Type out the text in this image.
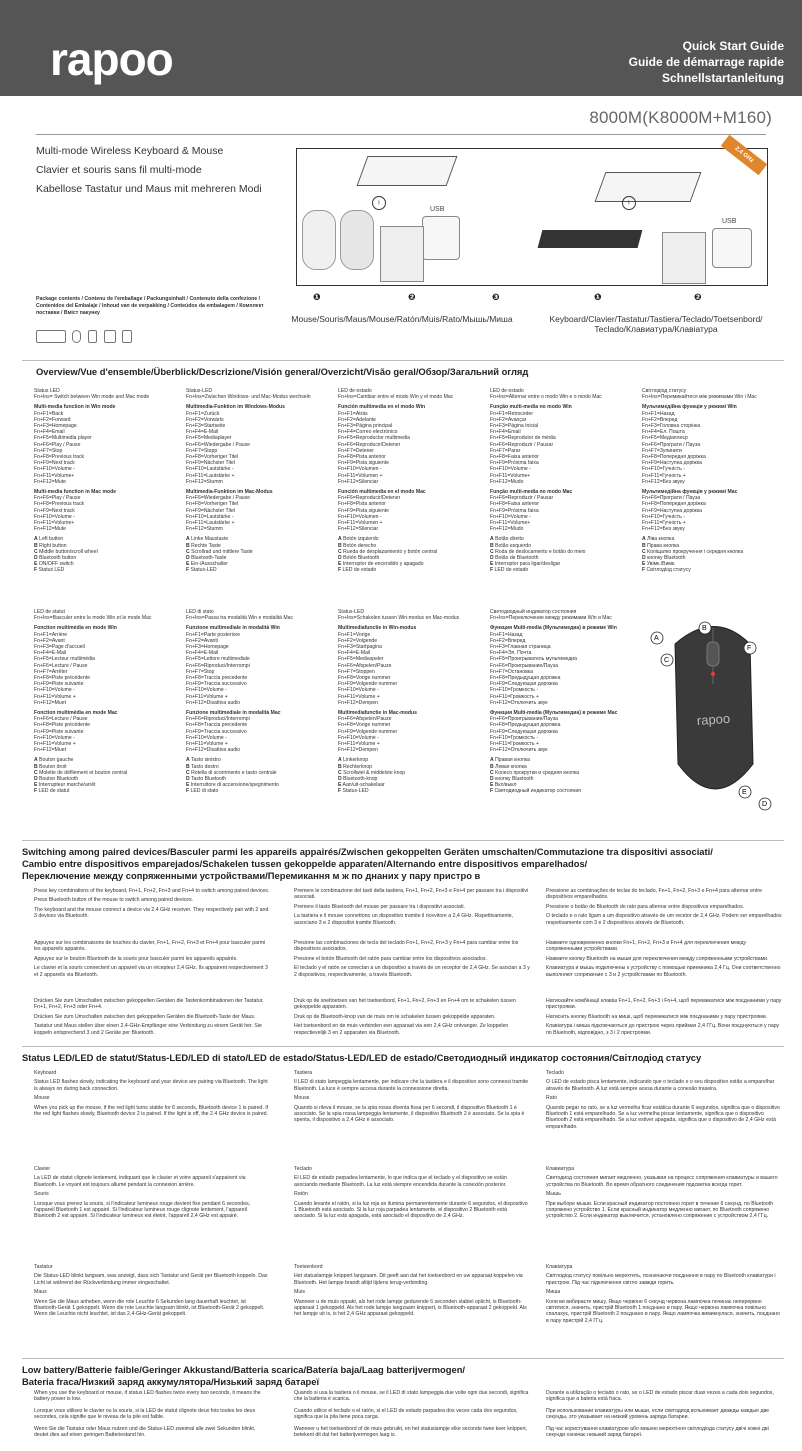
rapoo	Quick Start Guide
Guide de démarrage rapide
Schnellstartanleitung
8000M(K8000M+M160)
Multi-mode Wireless Keyboard & Mouse
Clavier et souris sans fil multi-mode
Kabellose Tastatur und Maus mit mehreren Modi
ᛒ
USB
ᛒ
USB
2.4 GHz
❶	❷	❸	❶	❷
Mouse/Souris/Maus/Mouse/Ratón/Muis/Rato/Мышь/Миша	Keyboard/Clavier/Tastatur/Tastiera/Teclado/Toetsenbord/
Teclado/Клавиатура/Клавіатура
Package contents / Contenu de l'emballage / Packungsinhalt / Contenuto della confezione / Contenidos del Embalaje / Inhoud van de verpakking / Conteúdos da embalagem / Комплект поставки / Вміст пакунку
Overview/Vue d'ensemble/Überblick/Descrizione/Visión general/Overzicht/Visão geral/Обзор/Загальний огляд
Status LED
Fn+Ins= Switch between Win mode and Mac mode
Multi-media function in Win mode
Fn+F1=Back
Fn+F2=Forward
Fn+F3=Homepage
Fn+F4=Email
Fn+F5=Multimedia player
Fn+F6=Play / Pause
Fn+F7=Stop
Fn+F8=Previous track
Fn+F9=Next track
Fn+F10=Volume -
Fn+F11=Volume+
Fn+F12=Mute
Multi-media function in Mac mode
Fn+F6=Play / Pause
Fn+F8=Previous track
Fn+F9=Next track
Fn+F10=Volume -
Fn+F11=Volume+
Fn+F12=Mute
A Left button
B Right button
C Middle button/scroll wheel
D Bluetooth button
E ON/OFF switch
F Status LED
Status-LED
Fn+Ins=Zwischen Windows- und Mac-Modus wechseln
Multimedia-Funktion im Windows-Modus
Fn+F1=Zurück
Fn+F2=Vorwärts
Fn+F3=Startseite
Fn+F4=E-Mail
Fn+F5=Mediaplayer
Fn+F6=Wiedergabe / Pause
Fn+F7=Stopp
Fn+F8=Vorheriger Titel
Fn+F9=Nächster Titel
Fn+F10=Lautstärke -
Fn+F11=Lautstärke +
Fn+F12=Stumm
Multimedia-Funktion im Mac-Modus
Fn+F6=Wiedergabe / Pause
Fn+F8=Vorheriger Titel
Fn+F9=Nächster Titel
Fn+F10=Lautstärke -
Fn+F11=Lautstärke +
Fn+F12=Stumm
A Linke Maustaste
B Rechte Taste
C Scrollrad und mittlere Taste
D Bluetooth-Taste
E Ein-/Ausschalter
F Status-LED
LED de estado
Fn+Ins=Cambiar entre el modo Win y el modo Mac
Función multimedia en el modo Win
Fn+F1=Atrás
Fn+F2=Adelante
Fn+F3=Página principal
Fn+F4=Correo electrónico
Fn+F5=Reproductor multimedia
Fn+F6=Reproducir/Detener
Fn+F7=Detener
Fn+F8=Pista anterior
Fn+F9=Pista siguiente
Fn+F10=Volumen -
Fn+F11=Volumen +
Fn+F12=Silenciar
Función multimedia en el modo Mac
Fn+F6=Reproducir/Detener
Fn+F8=Pista anterior
Fn+F9=Pista siguiente
Fn+F10=Volumen -
Fn+F11=Volumen +
Fn+F12=Silenciar
A Botón izquierdo
B Botón derecho
C Rueda de desplazamiento y botón central
D Botón Bluetooth
E Interruptor de encendido y apagado
F LED de estado
LED de estado
Fn+Ins=Alternar entre o modo Win e o modo Mac
Função multi-media no modo Win
Fn+F1=Retroceder
Fn+F2=Avançar
Fn+F3=Página Inicial
Fn+F4=Email
Fn+F5=Reprodutor de média
Fn+F6=Reproduzir / Pausar
Fn+F7=Parar
Fn+F8=Faixa anterior
Fn+F9=Próxima faixa
Fn+F10=Volume -
Fn+F11=Volume+
Fn+F12=Mudo
Função multi-media no modo Mac
Fn+F6=Reproduzir / Pausar
Fn+F8=Faixa anterior
Fn+F9=Próxima faixa
Fn+F10=Volume -
Fn+F11=Volume+
Fn+F12=Mudo
A Botão direito
B Botão esquerdo
C Roda de deslocamento e botão do meio
D Botão de Bluetooth
E Interruptor para ligar/desligar
F LED de estado
Світлодіод статусу
Fn+Ins=Перемикайтеся між режимами Win і Mac
Мультимедійна функція у режимі Win
Fn+F1=Назад
Fn+F2=Вперед
Fn+F3=Головна сторінка
Fn+F4=Ел. Пошта
Fn+F5=Медіаплеєр
Fn+F6=Програти / Пауза
Fn+F7=Зупинити
Fn+F8=Попередня доріжка
Fn+F9=Наступна доріжка
Fn+F10=Гучність -
Fn+F11=Гучність +
Fn+F12=Без звуку
Мультимедійна функція у режимі Mac
Fn+F6=Програти / Пауза
Fn+F8=Попередня доріжка
Fn+F9=Наступна доріжка
Fn+F10=Гучність -
Fn+F11=Гучність +
Fn+F12=Без звуку
A Ліва кнопка
B Права кнопка
C Коліщатко прокручення і середня кнопка
D кнопку Bluetooth
E Увімк./Вимк.
F Світлодіод статусу
LED de statut
Fn+Ins=Basculer entre le mode Win et le mode Mac
Fonction multimédia en mode Win
Fn+F1=Arrière
Fn+F2=Avant
Fn+F3=Page d'accueil
Fn+F4=E-Mail
Fn+F5=Lecteur multimédia
Fn+F6=Lecture / Pause
Fn+F7=Arrêter
Fn+F8=Piste précédente
Fn+F9=Piste suivante
Fn+F10=Volume -
Fn+F11=Volume +
Fn+F12=Muet
Fonction multimédia en mode Mac
Fn+F6=Lecture / Pause
Fn+F8=Piste précédente
Fn+F9=Piste suivante
Fn+F10=Volume -
Fn+F11=Volume +
Fn+F12=Muet
A Bouton gauche
B Bouton droit
C Molette de défilement et bouton central
D Bouton Bluetooth
E Interrupteur marche/arrêt
F LED de statut
LED di stato
Fn+Ins=Passa tra modalità Win e modalità Mac
Funzione multimediale in modalità Win
Fn+F1=Parte posteriore
Fn+F2=Avanti
Fn+F3=Homepage
Fn+F4=E-Mail
Fn+F5=Lettore multimediale
Fn+F6=Riproduci/Interrompi
Fn+F7=Stop
Fn+F8=Traccia precedente
Fn+F9=Traccia successivo
Fn+F10=Volume -
Fn+F11=Volume +
Fn+F12=Disattiva audio
Funzione multimediale in modalità Mac
Fn+F6=Riproduci/Interrompi
Fn+F8=Traccia precedente
Fn+F9=Traccia successivo
Fn+F10=Volume -
Fn+F11=Volume +
Fn+F12=Disattiva audio
A Tasto sinistro
B Tasto destro
C Rotella di scorrimento e tasto centrale
D Tasto Bluetooth
E Interruttore di accensione/spegnimento
F LED di stato
Status-LED
Fn+Ins=Schakelen tussen Win-modus en Mac-modus
Multimediafunctie in Win-modus
Fn+F1=Vorige
Fn+F2=Volgende
Fn+F3=Startpagina
Fn+F4=E-Mail
Fn+F5=Mediaspeler
Fn+F6=Afspelen/Pauze
Fn+F7=Stoppen
Fn+F8=Vorige nummer
Fn+F9=Volgende nummer
Fn+F10=Volume -
Fn+F11=Volume +
Fn+F12=Dempen
Multimediafunctie in Mac-modus
Fn+F6=Afspelen/Pauze
Fn+F8=Vorige nummer
Fn+F9=Volgende nummer
Fn+F10=Volume -
Fn+F11=Volume +
Fn+F12=Dempen
A Linkerknop
B Rechterknop
C Scrollwiel & middelste knop
D Bluetooth-knop
E Aan/uit-schakelaar
F Status-LED
Светодиодный индикатор состояния
Fn+Ins=Переключение между режимами Win и Mac
Функция Multi-media (Мультимедиа) в режиме Win
Fn+F1=Назад
Fn+F2=Вперед
Fn+F3=Главная страница
Fn+F4=Эл. Почта
Fn+F5=Проигрыватель мультимедиа
Fn+F6=Проигрывание/Пауза
Fn+F7=Остановка
Fn+F8=Предыдущая дорожка
Fn+F9=Следующая дорожка
Fn+F10=Громкость -
Fn+F11=Громкость +
Fn+F12=Отключить звук
Функция Multi-media (Мультимедиа) в режиме Mac
Fn+F6=Проигрывание/Пауза
Fn+F8=Предыдущая дорожка
Fn+F9=Следующая дорожка
Fn+F10=Громкость -
Fn+F11=Громкость +
Fn+F12=Отключить звук
A Правая кнопка
B Левая кнопка
C Колесо прокрутки и средняя кнопка
D кнопку Bluetooth
E Вкл/выкл
F Светодиодный индикатор состояния
A
B
C
F
E
D
rapoo
Switching among paired devices/Basculer parmi les appareils appairés/Zwischen gekoppelten Geräten umschalten/Commutazione tra dispositivi associati/
Cambio entre dispositivos emparejados/Schakelen tussen gekoppelde apparaten/Alternando entre dispositivos emparelhados/
Переключение между сопряженными устройствами/Перемикання м ж по днаних у пару пристро в

Press key combinations of the keyboard, Fn+1, Fn+2, Fn+3 and Fn+4 to switch among paired devices.

Press Bluetooth button of the mouse to switch among paired devices.

The keyboard and the mouse connect a device via 2.4 GHz receiver. They respectively pair with 2 and 3 devices via Bluetooth.

Appuyez sur les combinaisons de touches du clavier, Fn+1, Fn+2, Fn+3 et Fn+4 pour basculer parmi les appareils appairés.

Appuyez sur le bouton Bluetooth de la souris pour basculer parmi les appareils appairés.

Le clavier et la souris connectent un appareil via un récepteur 2,4 GHz. Ils appairent respectivement 3 et 2 appareils via Bluetooth.

Drücken Sie zum Umschalten zwischen gekoppelten Geräten die Tastenkombinationen der Tastatur, Fn+1, Fn+2, Fn+3 oder Fn+4.

Drücken Sie zum Umschalten zwischen den gekoppelten Geräten die Bluetooth-Taste der Maus.

Tastatur und Maus stellen über einen 2,4-GHz-Empfänger eine Verbindung zu einem Gerät her. Sie koppeln entsprechend 3 und 2 Geräte per Bluetooth.

Premere le combinazione del tasti della tastiera, Fn+1, Fn+2, Fn+3 e Fn+4 per passare tra i dispositivi associati.

Premere il tasto Bluetooth del mouse per passare tra i dispositivi associati.

La tastiera e il mouse connettono un dispositivo tramite il ricevitore a 2,4 GHz. Rispettivamente, associano 3 e 2 dispositivi tramite Bluetooth.

Presione las combinaciones de tecla del teclado Fn+1, Fn+2, Fn+3 y Fn+4 para cambiar entre los dispositivos asociados.

Presione el botón Bluetooth del ratón para cambiar entre los dispositivos asociados.

El teclado y el ratón se conectan a un dispositivo a través de un receptor de 2,4 GHz. Se asocian a 3 y 2 dispositivos, respectivamente, a través Bluetooth.

Druk op de sneltoetsen van het toetsenbord, Fn+1, Fn+2, Fn+3 en Fn+4 om te schakelen tussen gekoppelde apparaten.

Druk op de Bluetooth-knop van de muis om te schakelen tussen gekoppelde apparaten.

Het toetsenbord en de muis verbinden een apparaat via een 2,4 GHz ontvanger. Ze koppelen respectievelijk 3 en 2 apparaten via Bluetooth.

Pressione as combinações de teclas do teclado, Fn+1, Fn+2, Fn+3 e Fn+4 para alternar entre dispositivos emparelhados.

Pressione o botão de Bluetooth do rato para alternar entre dispositivos emparelhados.

O teclado e o rato ligam a um dispositivo através de um recetor de 2,4 GHz. Podem ser emparelhados respetivamente com 3 e 2 dispositivos através de Bluetooth.

Нажмите одновременно кнопки Fn+1, Fn+2, Fn+3 и Fn+4 для переключения между сопряженными устройствами.

Нажмите кнопку Bluetooth на мыши для переключения между сопряженными устройствами.

Клавиатура и мышь подключены к устройству с помощью приемника 2,4 Гц. Они соответственно выполняют сопряжение с 3 и 2 устройствами по Bluetooth.

Натискайте комбінації клавіш Fn+1, Fn+2, Fn+3 і Fn+4, щоб перемикатися між поєднаними у пару пристроями.

Натисніть кнопку Bluetooth на миші, щоб перемикатися між поєднаними у пару пристроями.

Клавіатура і миша підключаються до пристрою через приймач 2,4 ГГц. Вони поєднуються у пару по Bluetooth, відповідно, з 3 і 2 пристроями.

Status LED/LED de statut/Status-LED/LED di stato/LED de estado/Status-LED/LED de estado/Светодиодный индикатор состояния/Світлодіод статусу

Keyboard

Status LED flashes slowly, indicating the keyboard and your device are pairing via Bluetooth. The light is always on during back connection.

Mouse

When you pick up the mouse, if the red light turns stable for 6 seconds, Bluetooth device 1 is paired. If the red light flashes slowly, Bluetooth device 2 is paired. If the light is off, the 2.4 GHz device is paired.

Clavier

La LED de statut clignote lentement, indiquant que le clavier et votre appareil s'appairent via Bluetooth. Le voyant est toujours allumé pendant la connexion arrière.

Souris

Lorsque vous prenez la souris, si l'indicateur lumineux rouge devient fixe pendant 6 secondes, l'appareil Bluetooth 1 est appairé. Si l'indicateur lumineux rouge clignote lentement, l'appareil Bluetooth 2 est appairé. Si l'indicateur lumineux est éteint, l'appareil 2,4 GHz est appairé.

Tastatur

Die Status-LED blinkt langsam, was anzeigt, dass sich Tastatur und Gerät per Bluetooth koppeln. Das Licht ist während der Rückverbindung immer eingeschaltet.

Maus

Wenn Sie die Maus anheben, wenn die rote Leuchte 6 Sekunden lang dauerhaft leuchtet, ist Bluetooth-Gerät 1 gekoppelt. Wenn die rote Leuchte langsam blinkt, ist Bluetooth-Gerät 2 gekoppelt. Wenn die Leuchte nicht leuchtet, ist das 2,4-GHz-Gerät gekoppelt.

Tastiera

Il LED di stato lampeggia lentamente, per indicare che la tastiera e il dispositivo sono connessi tramite Bluetooth. La luce è sempre accesa durante la connessione diretta.

Mouse

Quando si rileva il mouse, se la spia rossa diventa fissa per 6 secondi, il dispositivo Bluetooth 1 è associato. Se la spia rossa lampeggia lentamente, il dispositivo Bluetooth 2 è associato. Se la spia è spenta, il dispositivo a 2,4 GHz è associato.

Teclado

El LED de estado parpadea lentamente, lo que indica que el teclado y el dispositivo se están asociando mediante Bluetooth. La luz está siempre encendida durante la conexión posterior.

Ratón

Cuando levante el ratón, si la luz roja se ilumina permanentemente durante 6 segundos, el dispositivo 1 Bluetooth está asociado. Si la luz roja parpadea lentamente, el dispositivo 2 Bluetooth está asociado. Si la luz está apagada, está asociado el dispositivo de 2,4 GHz.

Toetsenbord

Het statuslampje knippert langzaam. Dit geeft aan dat het toetsenbord en uw apparaat koppelen via Bluetooth. Het lampje brandt altijd tijdens terug-verbinding.

Muis

Wanneer u de muis oppakt, als het rode lampje gedurende 6 seconden stabiel oplicht, is Bluetooth-apparaat 1 gekoppeld. Als het rode lampje langzaam knippert, is Bluetooth-apparaat 2 gekoppeld. Als het lampje uit is, is het 2,4 GHz apparaat gekoppeld.

Teclado

O LED de estado pisca lentamente, indicando que o teclado e o seu dispositivo estão a emparelhar através de Bluetooth. A luz está sempre acesa durante a conexão traseira.

Rato

Quando pegar no rato, se a luz vermelha ficar estática durante 6 segundos, significa que o dispositivo Bluetooth 1 está emparelhado. Se a luz vermelha piscar lentamente, significa que o dispositivo Bluetooth 2 está emparelhado. Se a luz estiver apagada, significa que o dispositivo de 2,4 GHz está emparelhado.

Клавиатура

Светодиод состояния мигает медленно, указывая на процесс сопряжения клавиатуры и вашего устройства по Bluetooth. Во время обратного соединения подсветка всегда горит.

Мышь

При выборе мыши. Если красный индикатор постоянно горит в течение 6 секунд, по Bluetooth сопряжено устройство 1. Если красный индикатор медленно мигает, по Bluetooth сопряжено устройство 2. Если индикатор выключится, установлено сопряжение с устройством 2,4 ГГц.

Клавіатура

Світлодіод статусу повільно мерехтить, позначаючи поєднання в пару по Bluetooth клавіатури і пристрою. Під час підключення світло завжди горить.

Миша

Коли ви вибираєте мишу, Якщо червоне 6 секунд червона лампочка починає неперервно світитися, значить, пристрій Bluetooth 1 поєднано в пару. Якщо червона лампочка повільно спалахує, пристрій Bluetooth 2 поєднано в пару. Якщо лампочка вимикнулася, значить, поєднано в пару пристрій 2,4 ГГц.

Low battery/Batterie faible/Geringer Akkustand/Batteria scarica/Batería baja/Laag batterijvermogen/
Bateria fraca/Низкий заряд аккумулятора/Низький заряд батареї

When you use the keyboard or mouse, if status LED flashes twice every two seconds, it means the battery power is low.

Lorsque vous utilisez le clavier ou la souris, si la LED de statut clignote deux fois toutes les deux secondes, cela signifie que le niveau de la pile est faible.

Wenn Sie die Tastatur oder Maus nutzen und die Status-LED zweimal alle zwei Sekunden blinkt, deutet dies auf einen geringen Batteriestand hin.

Quando si usa la tastiera o il mouse, se il LED di stato lampeggia due volte ogni due secondi, significa che la batteria è scarica.

Cuando utilice el teclado o el ratón, si el LED de estado parpadea dos veces cada dos segundos, significa que la pila tiene poca carga.

Wanneer u het toetsenbord of de muis gebruikt, en het statuslampje elke seconde twee keer knippert, betekent dit dat het batterijvermogen laag is.

Durante a utilização o teclado o rato, se o LED de estado piscar duas vezes a cada dois segundos, significa que a bateria está fraca.

При использовании клавиатуры или мыши, если светодиод вспыхивает дважды каждые две секунды, это указывает на низкий уровень заряда батареи.

Під час користування клавіатурою або мишею мерехтіння світлодіода статусу двічі кожні дві секунди означає низький заряд батареї.
